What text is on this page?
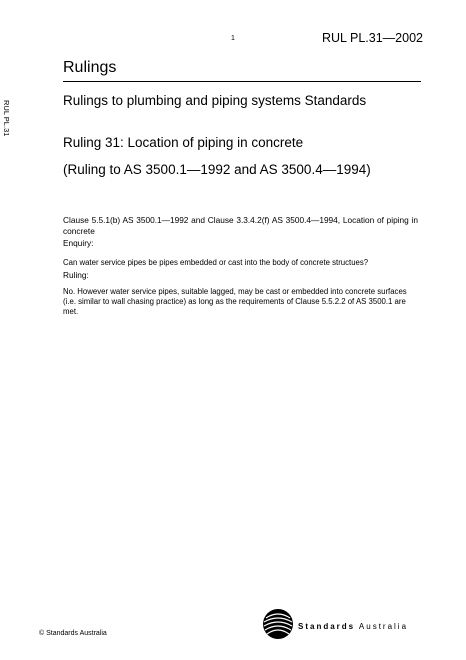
1	RUL PL.31—2002
RUL PL.31
Rulings
Rulings to plumbing and piping systems Standards
Ruling 31: Location of piping in concrete
(Ruling to AS 3500.1—1992 and AS 3500.4—1994)
Clause 5.5.1(b) AS 3500.1—1992 and Clause 3.3.4.2(f) AS 3500.4—1994, Location of piping in concrete
Enquiry:
Can water service pipes be pipes embedded or cast into the body of concrete structues?
Ruling:
No. However water service pipes, suitable lagged, may be cast or embedded into concrete surfaces (i.e. similar to wall chasing practice) as long as the requirements of Clause 5.5.2.2 of AS 3500.1 are met.
© Standards Australia
Standards Australia
